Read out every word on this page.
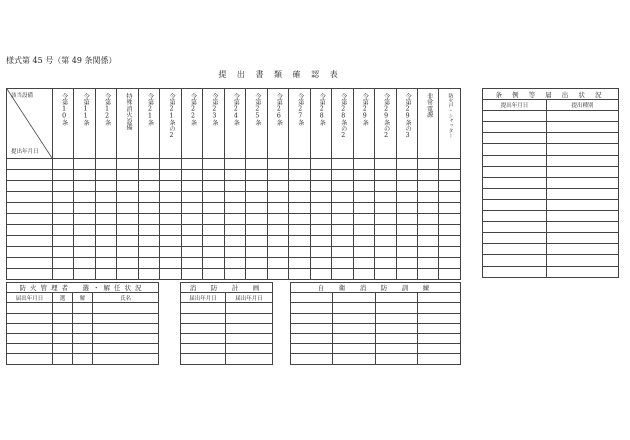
様式第 45 号（第 49 条関係）
提 出 書 類 確 認 表
該当設備
提出年月日	令第10条	令第11条	令第12条	特殊消火設備	令第21条	令第21条の2	令第22条	令第23条	令第24条	令第25条	令第26条	令第27条	令第28条	令第28条の2	令第29条	令第29条の2	令第29条の3	非常電源	防火戸・シャッター

																				条 例 等 届 出 状 況	
提出年月日	提出種別

防火管理者　選・解任状況			
届出年月日	選	解	氏名

消　防　計　画	
届出年月日	届出年月日

自　衛　消　防　訓　練			
